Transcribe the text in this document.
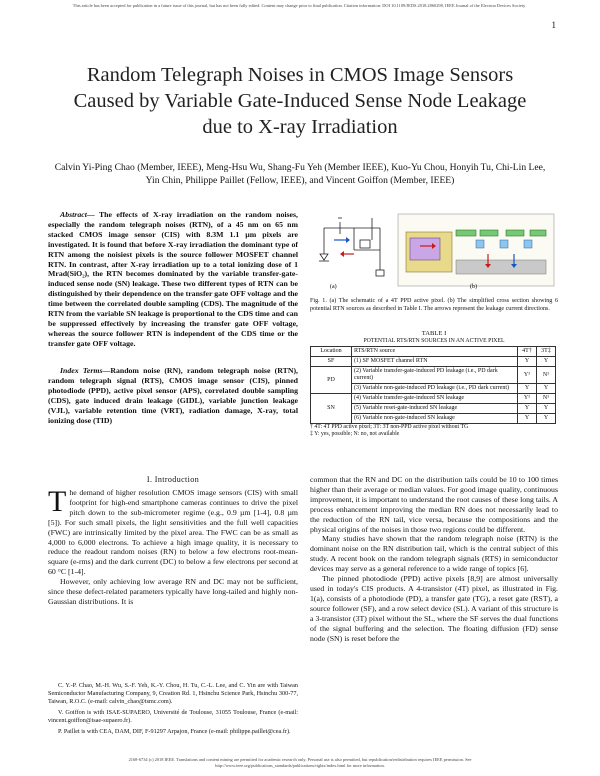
This article has been accepted for publication in a future issue of this journal, but has not been fully edited. Content may change prior to final publication. Citation information: DOI 10.1109/JEDS.2018.2860298, IEEE Journal of the Electron Devices Society
1
Random Telegraph Noises in CMOS Image Sensors Caused by Variable Gate-Induced Sense Node Leakage due to X-ray Irradiation
Calvin Yi-Ping Chao (Member, IEEE), Meng-Hsu Wu, Shang-Fu Yeh (Member IEEE), Kuo-Yu Chou, Honyih Tu, Chi-Lin Lee, Yin Chin, Philippe Paillet (Fellow, IEEE), and Vincent Goiffon (Member, IEEE)

Abstract— The effects of X-ray irradiation on the random noises, especially the random telegraph noises (RTN), of a 45 nm on 65 nm stacked CMOS image sensor (CIS) with 8.3M 1.1 µm pixels are investigated. It is found that before X-ray irradiation the dominant type of RTN among the noisiest pixels is the source follower MOSFET channel RTN. In contrast, after X-ray irradiation up to a total ionizing dose of 1 Mrad(SiO₂), the RTN becomes dominated by the variable transfer-gate-induced sense node (SN) leakage. These two different types of RTN can be distinguished by their dependence on the transfer gate OFF voltage and the time between the correlated double sampling (CDS). The magnitude of the RTN from the variable SN leakage is proportional to the CDS time and can be suppressed effectively by increasing the transfer gate OFF voltage, whereas the source follower RTN is independent of the CDS time or the transfer gate OFF voltage.

Index Terms—Random noise (RN), random telegraph noise (RTN), random telegraph signal (RTS), CMOS image sensor (CIS), pinned photodiode (PPD), active pixel sensor (APS), correlated double sampling (CDS), gate induced drain leakage (GIDL), variable junction leakage (VJL), variable retention time (VRT), radiation damage, X-ray, total ionizing dose (TID)

I. Introduction

The demand of higher resolution CMOS image sensors (CIS) with small footprint for high-end smartphone cameras continues to drive the pixel pitch down to the sub-micrometer regime (e.g., 0.9 µm [1-4], 0.8 µm [5]). For such small pixels, the light sensitivities and the full well capacities (FWC) are intrinsically limited by the pixel area. The FWC can be as small as 4,000 to 6,000 electrons. To achieve a high image quality, it is necessary to reduce the readout random noises (RN) to below a few electrons root-mean-square (e-rms) and the dark current (DC) to below a few electrons per second at 60 °C [1-4].

However, only achieving low average RN and DC may not be sufficient, since these defect-related parameters typically have long-tailed and highly non-Gaussian distributions. It is

C. Y.-P. Chao, M.-H. Wu, S.-F. Yeh, K.-Y. Chou, H. Tu, C.-L. Lee, and C. Yin are with Taiwan Semiconductor Manufacturing Company, 9, Creation Rd. 1, Hsinchu Science Park, Hsinchu 300-77, Taiwan, R.O.C. (e-mail: calvin_chao@tsmc.com).

V. Goiffon is with ISAE-SUPAERO, Université de Toulouse, 31055 Toulouse, France (e-mail: vincent.goiffon@isae-supaero.fr).

P. Paillet is with CEA, DAM, DIF, F-91297 Arpajon, France (e-mail: philippe.paillet@cea.fr).

(a)	(b)
Fig. 1. (a) The schematic of a 4T PPD active pixel. (b) The simplified cross section showing 6 potential RTN sources as described in Table I. The arrows represent the leakage current directions.
TABLE I
POTENTIAL RTS/RTN SOURCES IN AN ACTIVE PIXEL
Location	RTS/RTN source	4T†	3T‡
SF	(1) SF MOSFET channel RTN	Y	Y
PD	(2) Variable transfer-gate-induced PD leakage (i.e., PD dark current)	Y¹	N¹
	(3) Variable non-gate-induced PD leakage (i.e., PD dark current)	Y	Y
SN	(4) Variable transfer-gate-induced SN leakage	Y¹	N¹
	(5) Variable reset-gate-induced SN leakage	Y	Y
	(6) Variable non-gate-induced SN leakage	Y	Y
† 4T: 4T PPD active pixel; 3T: 3T non-PPD active pixel without TG
‡ Y: yes, possible; N: no, not available

common that the RN and DC on the distribution tails could be 10 to 100 times higher than their average or median values. For good image quality, continuous improvement, it is important to understand the root causes of these long tails. A process enhancement improving the median RN does not necessarily lead to the reduction of the RN tail, vice versa, because the compositions and the physical origins of the noises in those two regions could be different.

Many studies have shown that the random telegraph noise (RTN) is the dominant noise on the RN distribution tail, which is the central subject of this study. A recent book on the random telegraph signals (RTS) in semiconductor devices may serve as a general reference to a wide range of topics [6].

The pinned photodiode (PPD) active pixels [8,9] are almost universally used in today's CIS products. A 4-transistor (4T) pixel, as illustrated in Fig. 1(a), consists of a photodiode (PD), a transfer gate (TG), a reset gate (RST), a source follower (SF), and a row select device (SL). A variant of this structure is a 3-transistor (3T) pixel without the SL, where the SF serves the dual functions of the signal buffering and the selection. The floating diffusion (FD) sense node (SN) is reset before the

2168-6734 (c) 2018 IEEE. Translations and content mining are permitted for academic research only. Personal use is also permitted, but republication/redistribution requires IEEE permission. See
http://www.ieee.org/publications_standards/publications/rights/index.html for more information.
